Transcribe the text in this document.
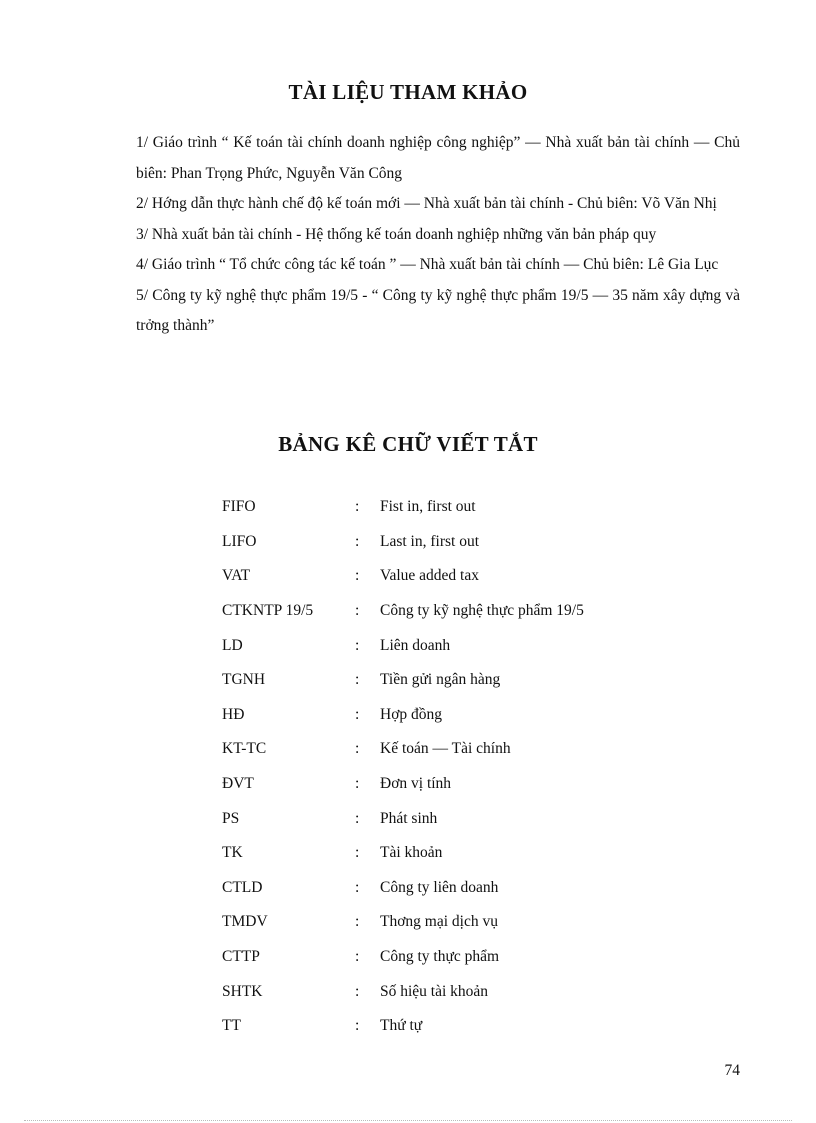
TÀI LIỆU THAM KHẢO

1/ Giáo trình “ Kế toán tài chính doanh nghiệp công nghiệp” — Nhà xuất bản tài chính — Chủ biên: Phan Trọng Phức, Nguyễn Văn Công

2/ Hớng dẫn thực hành chế độ kế toán mới — Nhà xuất bản tài chính - Chủ biên: Võ Văn Nhị

3/ Nhà xuất bản tài chính - Hệ thống kế toán doanh nghiệp những văn bản pháp quy

4/ Giáo trình “ Tổ chức công tác kế toán ” — Nhà xuất bản tài chính — Chủ biên: Lê Gia Lục

5/ Công ty kỹ nghệ thực phẩm 19/5 - “ Công ty kỹ nghệ thực phẩm 19/5 — 35 năm xây dựng và trởng thành”

BẢNG KÊ CHỮ VIẾT TẮT
FIFO	:	Fist in, first out
LIFO	:	Last in, first out
VAT	:	Value added tax
CTKNTP 19/5	:	Công ty kỹ nghệ thực phẩm 19/5
LD	:	Liên doanh
TGNH	:	Tiền gửi ngân hàng
HĐ	:	Hợp đồng
KT-TC	:	Kế toán — Tài chính
ĐVT	:	Đơn vị tính
PS	:	Phát sinh
TK	:	Tài khoản
CTLD	:	Công ty liên doanh
TMDV	:	Thơng mại dịch vụ
CTTP	:	Công ty thực phẩm
SHTK	:	Số hiệu tài khoản
TT	:	Thứ tự
74
